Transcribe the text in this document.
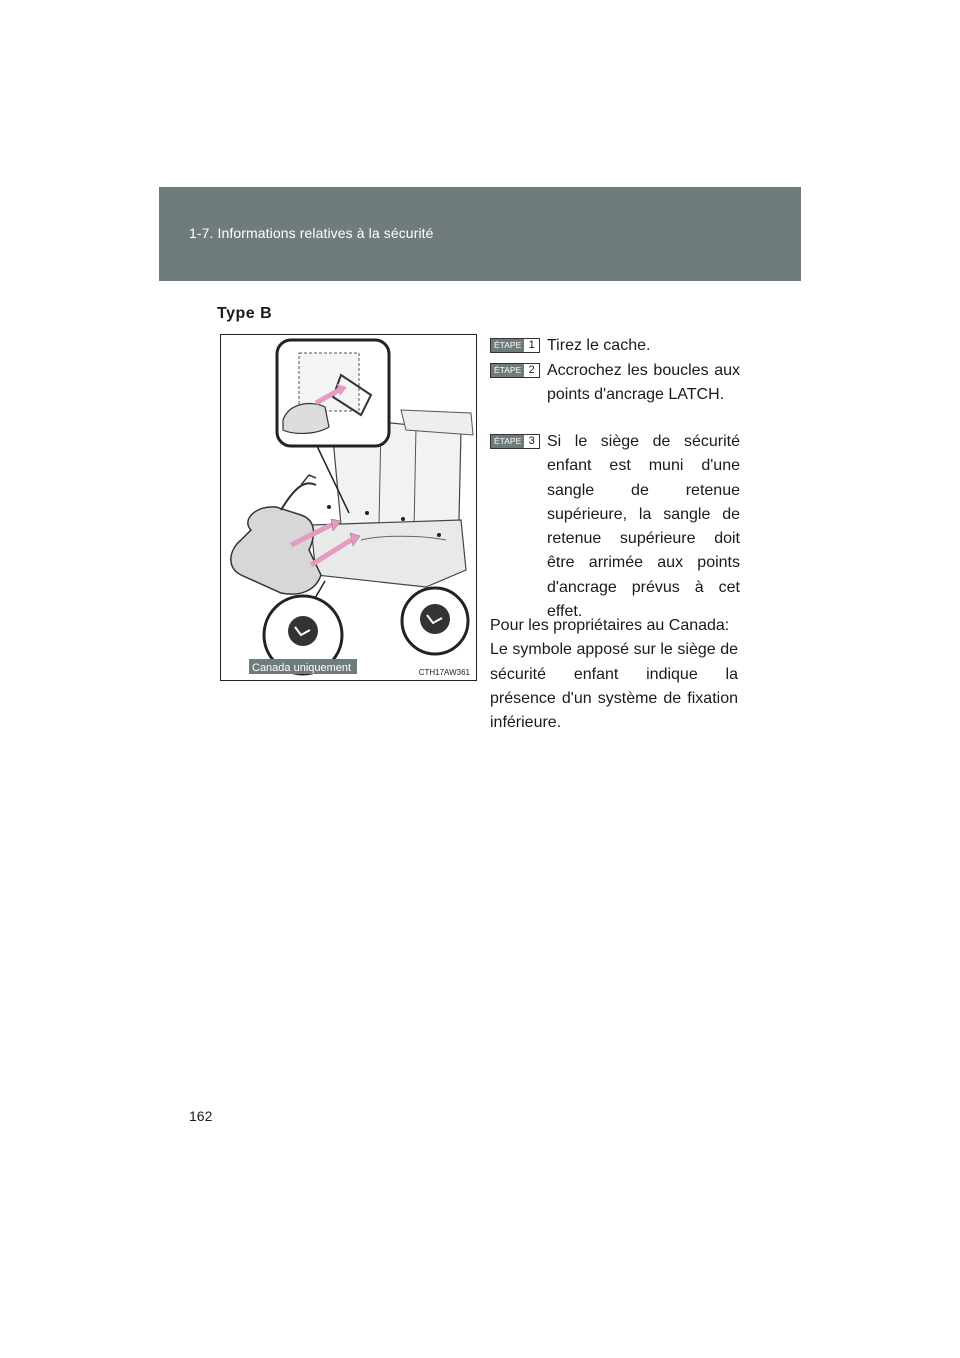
1-7. Informations relatives à la sécurité
Type B
Canada uniquement	CTH17AW361
ÉTAPE 1 Tirez le cache.
ÉTAPE 2 Accrochez les boucles aux points d'ancrage LATCH.
ÉTAPE 3 Si le siège de sécurité enfant est muni d'une sangle de retenue supérieure, la sangle de retenue supérieure doit être arrimée aux points d'ancrage prévus à cet effet.
Pour les propriétaires au Canada:
Le symbole apposé sur le siège de sécurité enfant indique la présence d'un système de fixation inférieure.
162
